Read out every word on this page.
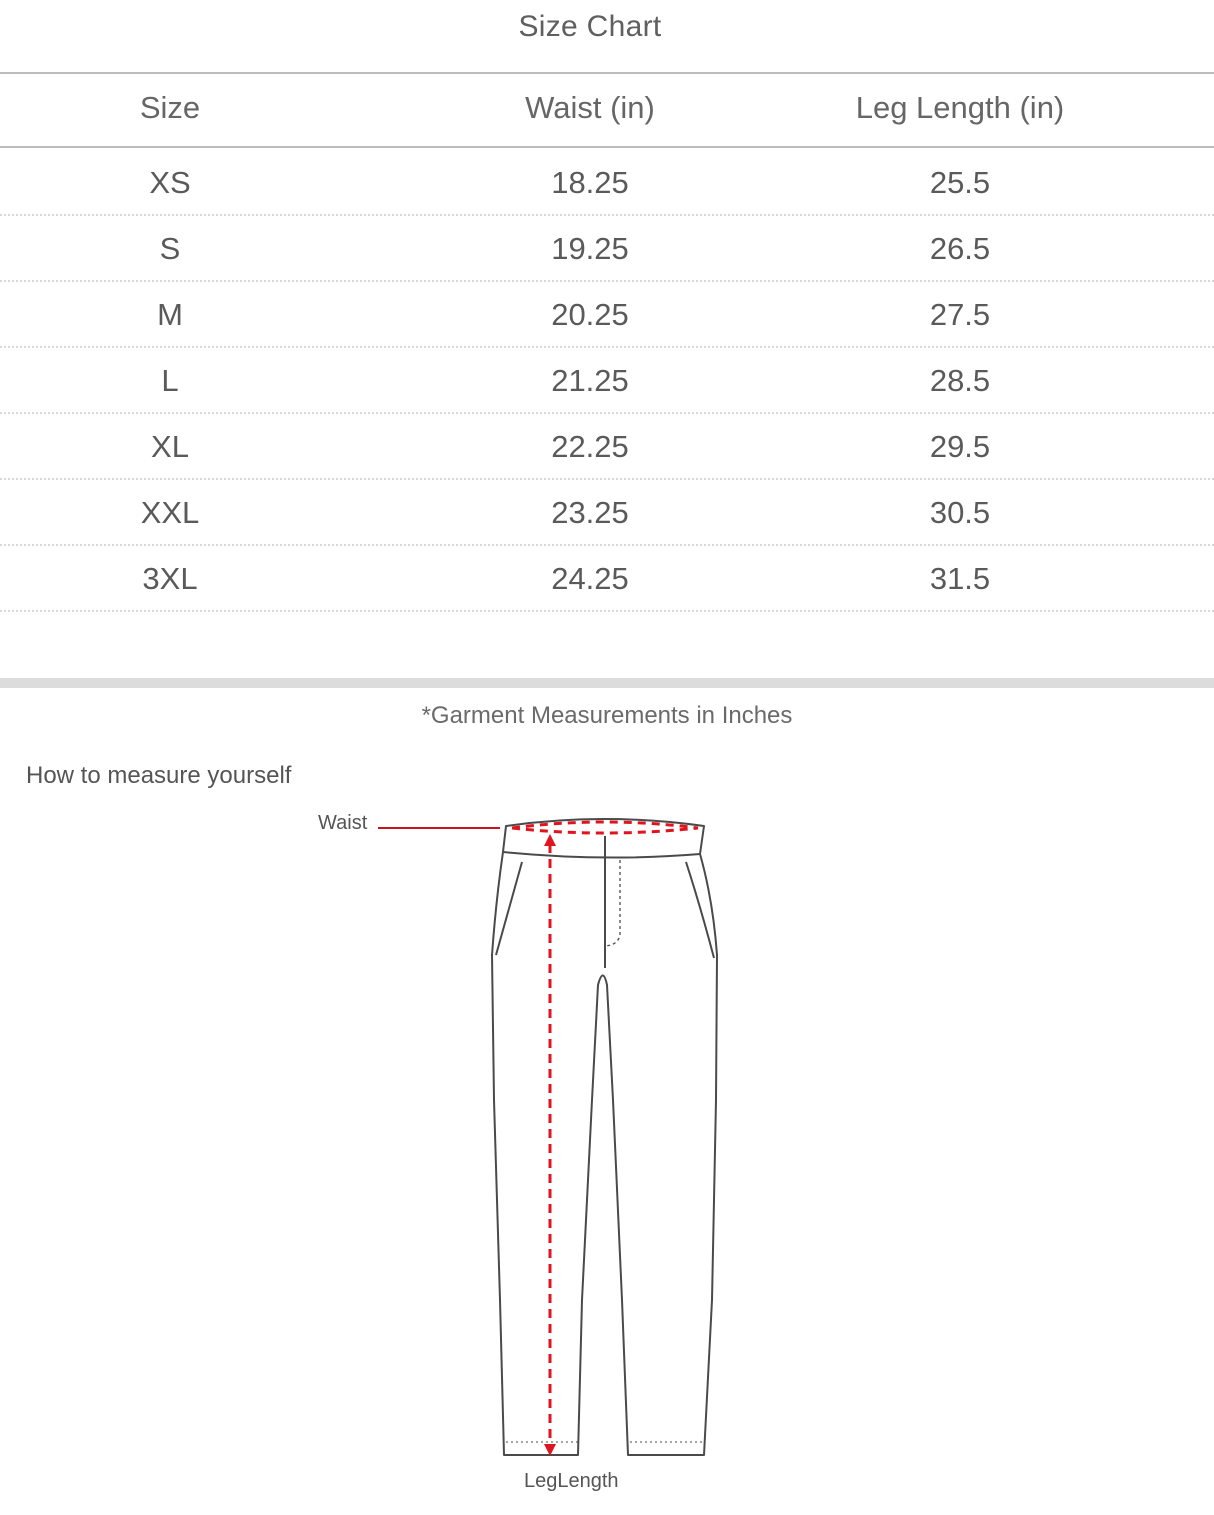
Size Chart
Size	Waist (in)	Leg Length (in)
XS	18.25	25.5
S	19.25	26.5
M	20.25	27.5
L	21.25	28.5
XL	22.25	29.5
XXL	23.25	30.5
3XL	24.25	31.5
*Garment Measurements in Inches
How to measure yourself
Waist
LegLength
